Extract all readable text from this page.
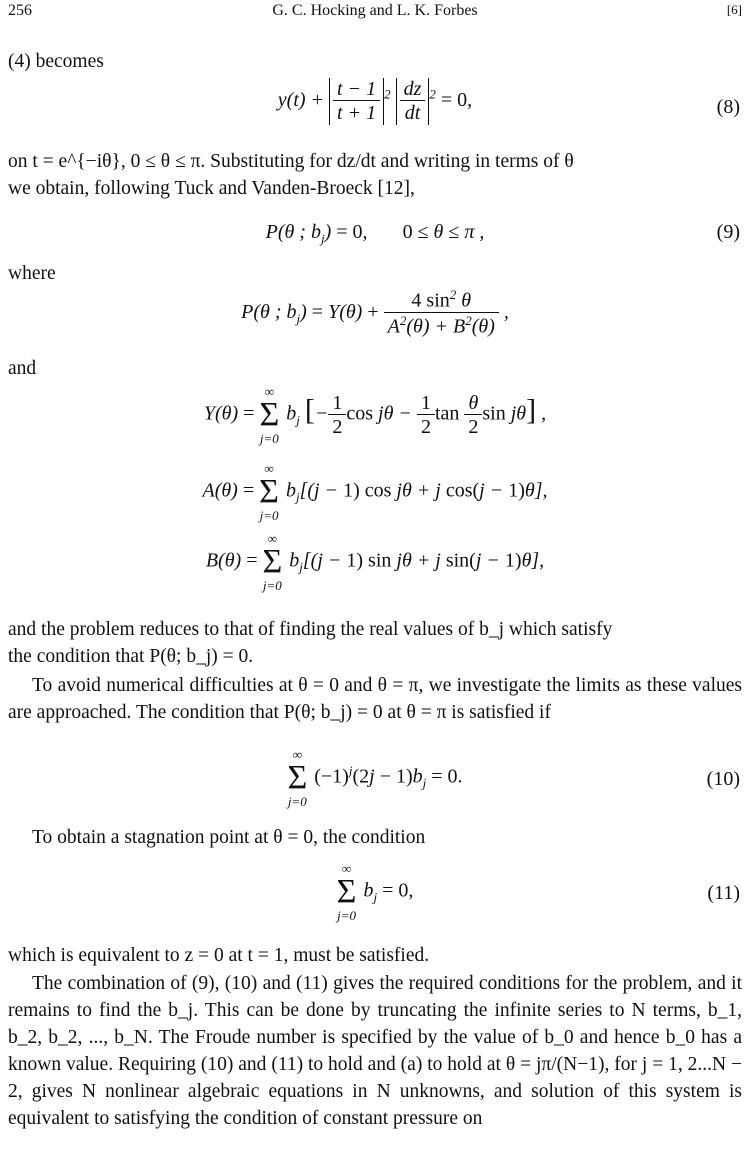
256	G. C. Hocking and L. K. Forbes	[6]
(4) becomes
$y(t) + \frac{t - 1}{t + 1} ^2 \frac{dz}{dt} ^2 = 0$,	(8)
on t = e^{−iθ}, 0 ≤ θ ≤ π. Substituting for dz/dt and writing in terms of θ
we obtain, following Tuck and Vanden-Broeck [12],
P(θ ; $b_j) = 0$, 0 ≤ θ ≤ π ,	(9)
where
P(θ ; $b_j) = Y(\theta) + \frac{4 \sin^2 \theta}{A^2(\theta) + B^2(\theta)}$ ,
and
Y(θ) =
∞
Σ
j=0
$b_j$ [− $\frac{1}{2}$ $\cos j\theta - \frac{1}{2}$ $\tan \frac{\theta}{2}$ sin jθ] ,
A(θ) =
∞
Σ
j=0
$b_j[(j - 1)$ cos jθ + j cos(j − 1)θ],
B(θ) =
∞
Σ
j=0
$b_j[(j - 1)$ sin jθ + j sin(j − 1)θ],
and the problem reduces to that of finding the real values of b_j which satisfy
the condition that P(θ; b_j) = 0.
To avoid numerical difficulties at θ = 0 and θ = π, we investigate the limits as these values are approached. The condition that P(θ; b_j) = 0 at θ = π is satisfied if
∞
Σ
j=0
$(-1)^j(2j - 1)b_j = 0$.	(10)
To obtain a stagnation point at θ = 0, the condition
∞
Σ
j=0
$b_j = 0$,	(11)
which is equivalent to z = 0 at t = 1, must be satisfied.
The combination of (9), (10) and (11) gives the required conditions for the problem, and it remains to find the b_j. This can be done by truncating the infinite series to N terms, b_1, b_2, b_2, ..., b_N. The Froude number is specified by the value of b_0 and hence b_0 has a known value. Requiring (10) and (11) to hold and (a) to hold at θ = jπ/(N−1), for j = 1, 2...N − 2, gives N nonlinear algebraic equations in N unknowns, and solution of this system is equivalent to satisfying the condition of constant pressure on
